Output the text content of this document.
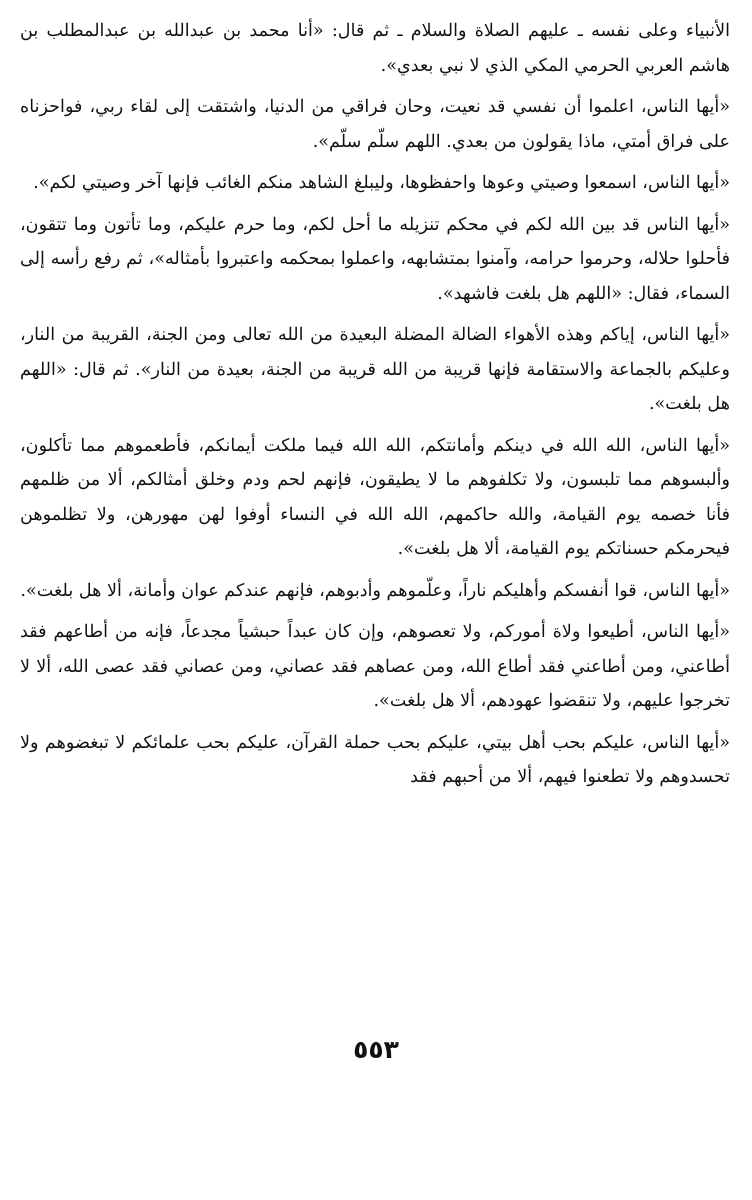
الأنبياء وعلى نفسه ـ عليهم الصلاة والسلام ـ ثم قال: «أنا محمد بن عبدالله بن عبدالمطلب بن هاشم العربي الحرمي المكي الذي لا نبي بعدي».

«أيها الناس، اعلموا أن نفسي قد نعيت، وحان فراقي من الدنيا، واشتقت إلى لقاء ربي، فواحزناه على فراق أمتي، ماذا يقولون من بعدي. اللهم سلّم سلّم».

«أيها الناس، اسمعوا وصيتي وعوها واحفظوها، وليبلغ الشاهد منكم الغائب فإنها آخر وصيتي لكم».

«أيها الناس قد بين الله لكم في محكم تنزيله ما أحل لكم، وما حرم عليكم، وما تأتون وما تتقون، فأحلوا حلاله، وحرموا حرامه، وآمنوا بمتشابهه، واعملوا بمحكمه واعتبروا بأمثاله»، ثم رفع رأسه إلى السماء، فقال: «اللهم هل بلغت فاشهد».

«أيها الناس، إياكم وهذه الأهواء الضالة المضلة البعيدة من الله تعالى ومن الجنة، القريبة من النار، وعليكم بالجماعة والاستقامة فإنها قريبة من الله قريبة من الجنة، بعيدة من النار». ثم قال: «اللهم هل بلغت».

«أيها الناس، الله الله في دينكم وأمانتكم، الله الله فيما ملكت أيمانكم، فأطعموهم مما تأكلون، وألبسوهم مما تلبسون، ولا تكلفوهم ما لا يطيقون، فإنهم لحم ودم وخلق أمثالكم، ألا من ظلمهم فأنا خصمه يوم القيامة، والله حاكمهم، الله الله في النساء أوفوا لهن مهورهن، ولا تظلموهن فيحرمكم حسناتكم يوم القيامة، ألا هل بلغت».

«أيها الناس، قوا أنفسكم وأهليكم ناراً، وعلّموهم وأدبوهم، فإنهم عندكم عوان وأمانة، ألا هل بلغت».

«أيها الناس، أطيعوا ولاة أموركم، ولا تعصوهم، وإن كان عبداً حبشياً مجدعاً، فإنه من أطاعهم فقد أطاعني، ومن أطاعني فقد أطاع الله، ومن عصاهم فقد عصاني، ومن عصاني فقد عصى الله، ألا لا تخرجوا عليهم، ولا تنقضوا عهودهم، ألا هل بلغت».

«أيها الناس، عليكم بحب أهل بيتي، عليكم بحب حملة القرآن، عليكم بحب علمائكم لا تبغضوهم ولا تحسدوهم ولا تطعنوا فيهم، ألا من أحبهم فقد

٥٥٣
